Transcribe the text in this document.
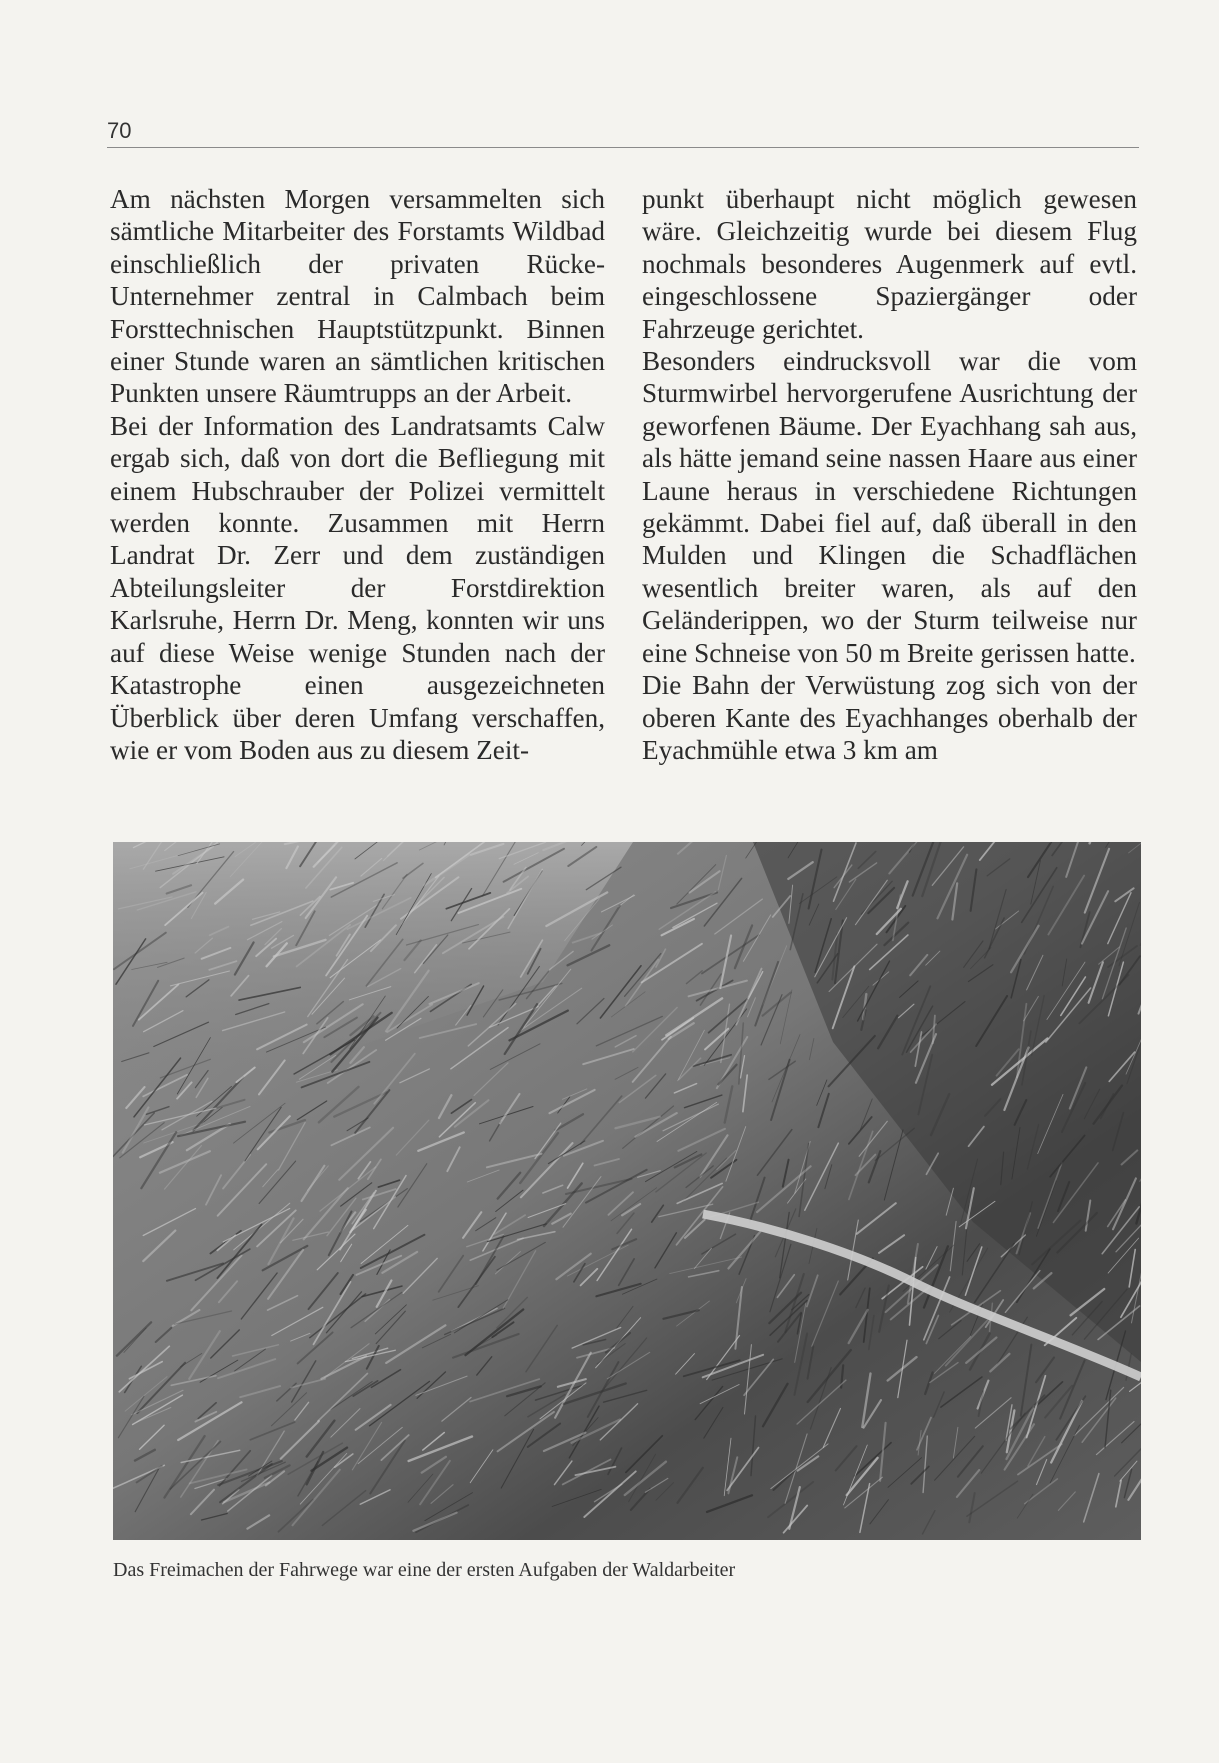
70

Am nächsten Morgen versammelten sich sämtliche Mitarbeiter des Forstamts Wildbad einschließlich der privaten Rücke-Unternehmer zentral in Calmbach beim Forsttechnischen Hauptstützpunkt. Binnen einer Stunde waren an sämtlichen kritischen Punkten unsere Räumtrupps an der Arbeit.

Bei der Information des Landratsamts Calw ergab sich, daß von dort die Befliegung mit einem Hubschrauber der Polizei vermittelt werden konnte. Zusammen mit Herrn Landrat Dr. Zerr und dem zuständigen Abteilungsleiter der Forstdirektion Karlsruhe, Herrn Dr. Meng, konnten wir uns auf diese Weise wenige Stunden nach der Katastrophe einen ausgezeichneten Überblick über deren Umfang verschaffen, wie er vom Boden aus zu diesem Zeit-

punkt überhaupt nicht möglich gewesen wäre. Gleichzeitig wurde bei diesem Flug nochmals besonderes Augenmerk auf evtl. eingeschlossene Spaziergänger oder Fahrzeuge gerichtet.

Besonders eindrucksvoll war die vom Sturmwirbel hervorgerufene Ausrichtung der geworfenen Bäume. Der Eyachhang sah aus, als hätte jemand seine nassen Haare aus einer Laune heraus in verschiedene Richtungen gekämmt. Dabei fiel auf, daß überall in den Mulden und Klingen die Schadflächen wesentlich breiter waren, als auf den Geländerippen, wo der Sturm teilweise nur eine Schneise von 50 m Breite gerissen hatte.

Die Bahn der Verwüstung zog sich von der oberen Kante des Eyachhanges oberhalb der Eyachmühle etwa 3 km am

Das Freimachen der Fahrwege war eine der ersten Aufgaben der Waldarbeiter
